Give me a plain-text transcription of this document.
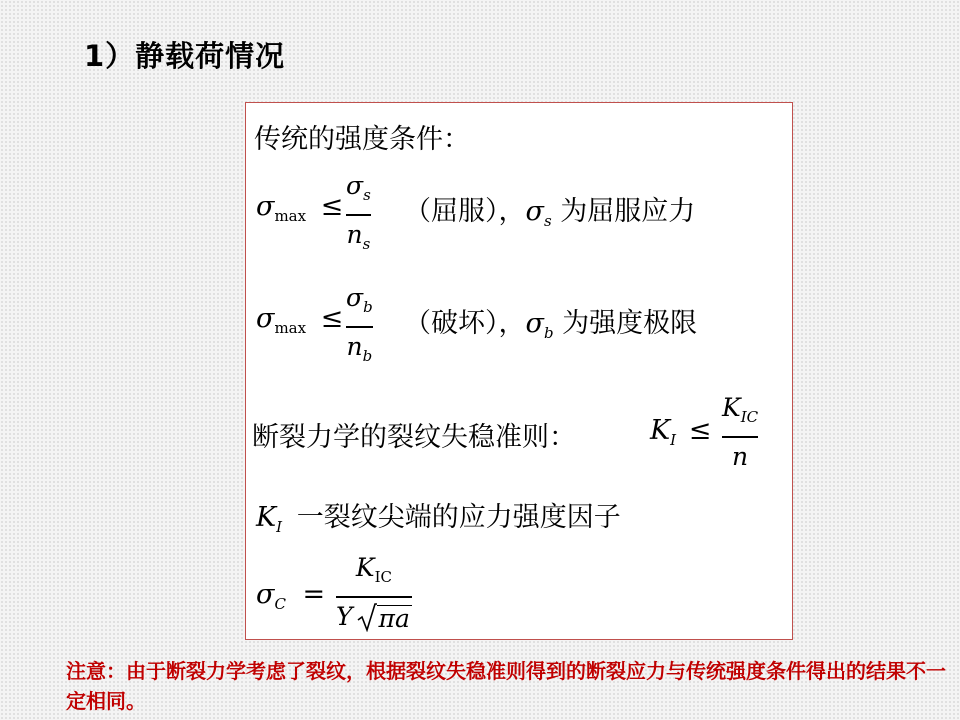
1）静载荷情况
传统的强度条件：
$\sigma_{max}$ ≤
$\sigma_s$
$n_s$
（屈服），$\sigma_s$ 为屈服应力
$\sigma_{max}$ ≤
$\sigma_b$
$n_b$
（破坏），$\sigma_b$ 为强度极限
断裂力学的裂纹失稳准则：	$K_I$ ≤
$K_{IC}$
n
$K_I$ 一裂纹尖端的应力强度因子
$\sigma_C$ =
$K_{IC}$
Y πa
注意：由于断裂力学考虑了裂纹，根据裂纹失稳准则得到的断裂应力与传统强度条件得出的结果不一定相同。
